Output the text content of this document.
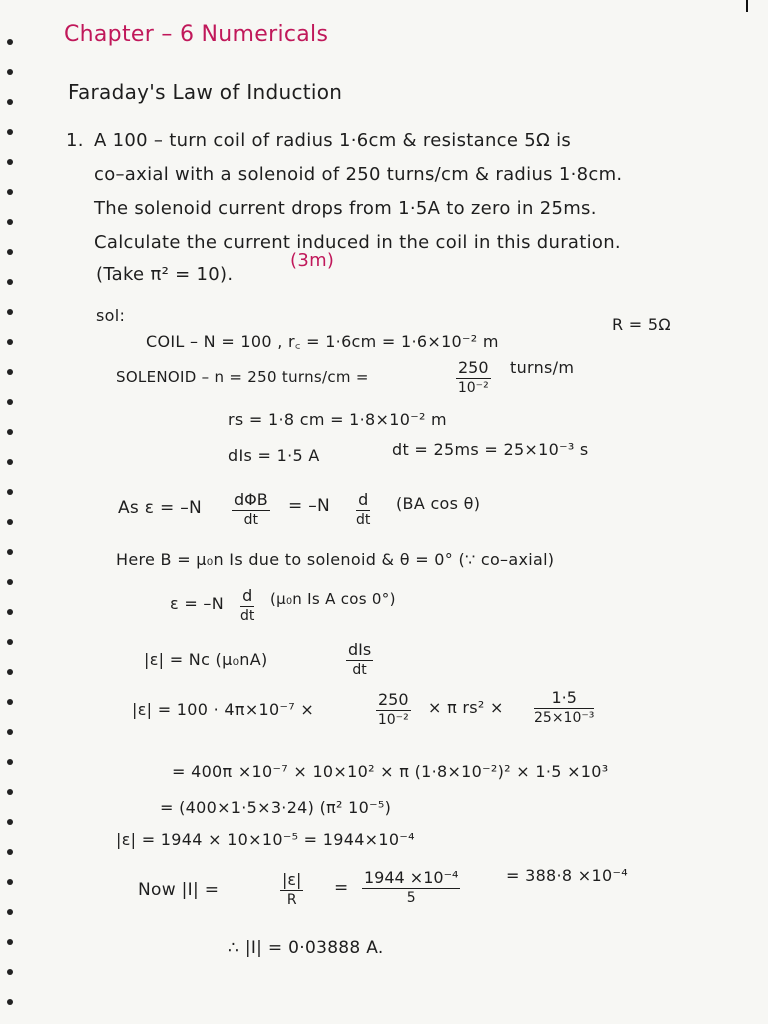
Chapter – 6 Numericals
Faraday's Law of Induction
1. A 100 – turn coil of radius 1·6cm & resistance 5Ω is
co–axial with a solenoid of 250 turns/cm & radius 1·8cm.
The solenoid current drops from 1·5A to zero in 25ms.
Calculate the current induced in the coil in this duration.
(Take π² = 10).
(3m)
sol:
COIL – N = 100 , r꜀ = 1·6cm = 1·6×10⁻² m
R = 5Ω
SOLENOID – n = 250 turns/cm =	$\frac{250}{\text{10⁻²}}$ turns/m
rs = 1·8 cm = 1·8×10⁻² m
dIs = 1·5 A	dt = 25ms = 25×10⁻³ s
As ε = –N dΦB
dt
= $-N \frac{d}{dt} (BA$ cos θ)
Here B = μ₀n Is due to solenoid & θ = 0° (∵ co–axial)
$\varepsilon = -N \frac{d}{dt} (\mu_0n$ Is A cos 0°)
|ε| = Nc (μ₀nA)
dIs
dt
|ε| = 100 · 4π×10⁻⁷ ×	$\frac{250}{\text{10⁻²}} \times \pi$ $rs^2 \times \frac{1\cdot 5}{\text{25×10⁻³}}$
= 400π ×10⁻⁷ × 10×10² × π (1·8×10⁻²)² × 1·5 ×10³
= (400×1·5×3·24) (π² 10⁻⁵)
|ε| = 1944 × 10×10⁻⁵ = 1944×10⁻⁴
Now |I| =	$\frac{|\varepsilon|}{R} = \frac{\text{1944 ×10⁻⁴}}{5}$	= 388·8 ×10⁻⁴
∴ |I| = 0·03888 A.
